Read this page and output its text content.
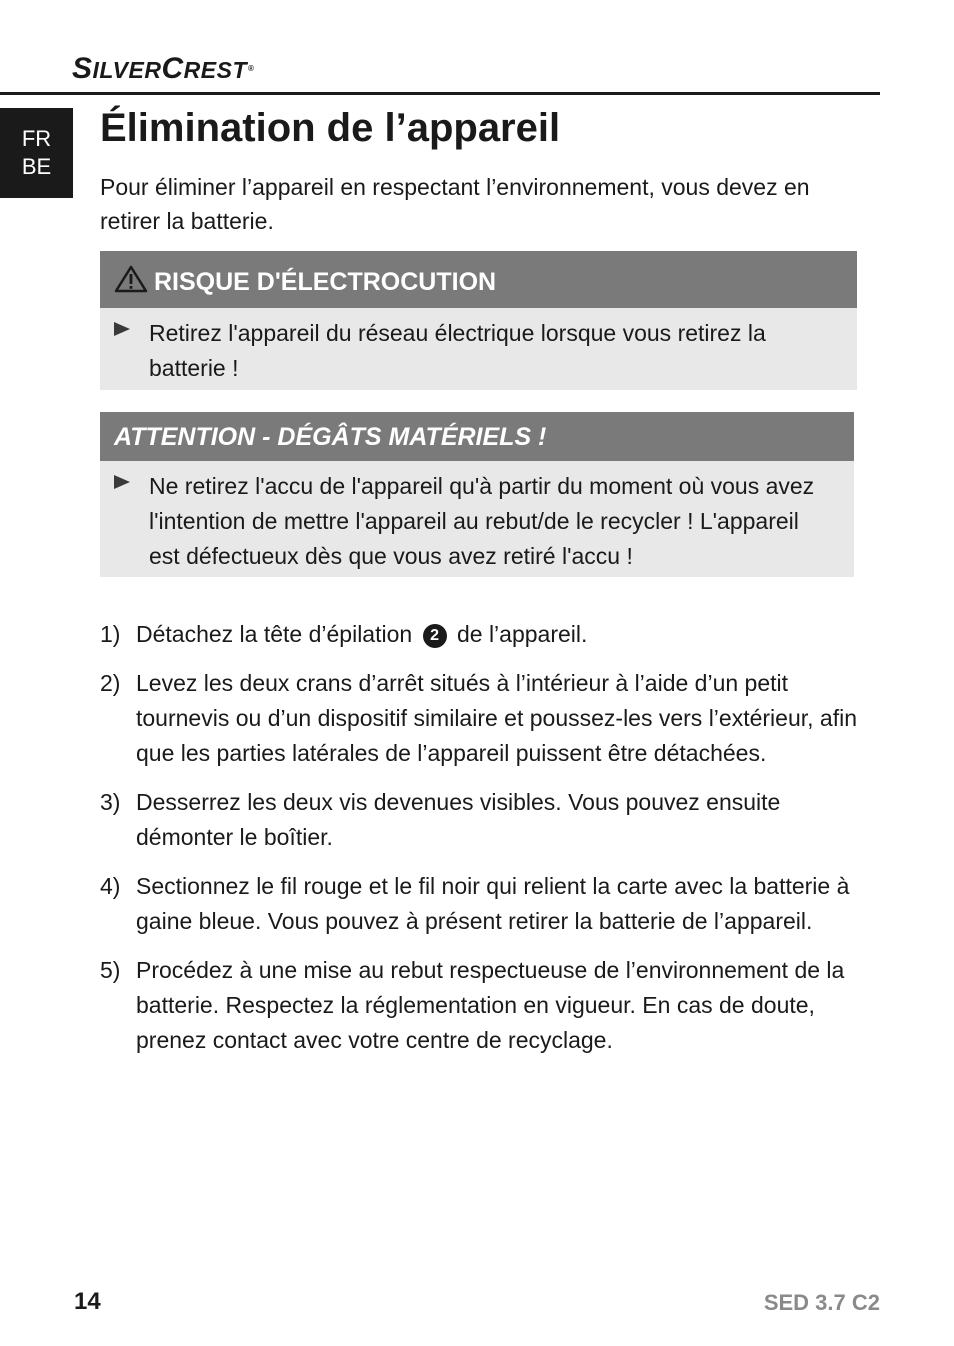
SILVERCREST®
FR
BE
Élimination de l’appareil

Pour éliminer l’appareil en respectant l’environnement, vous devez en retirer la batterie.

RISQUE D'ÉLECTROCUTION
Retirez l'appareil du réseau électrique lorsque vous retirez la batterie !
ATTENTION - DÉGÂTS MATÉRIELS !
Ne retirez l'accu de l'appareil qu'à partir du moment où vous avez l'intention de mettre l'appareil au rebut/de le recycler ! L'appareil est défectueux dès que vous avez retiré l'accu !
1) Détachez la tête d’épilation 2 de l’appareil.
2) Levez les deux crans d’arrêt situés à l’intérieur à l’aide d’un petit tournevis ou d’un dispositif similaire et poussez-les vers l’extérieur, afin que les parties latérales de l’appareil puissent être détachées.
3) Desserrez les deux vis devenues visibles. Vous pouvez ensuite démonter le boîtier.
4) Sectionnez le fil rouge et le fil noir qui relient la carte avec la batterie à gaine bleue. Vous pouvez à présent retirer la batterie de l’appareil.
5) Procédez à une mise au rebut respectueuse de l’environnement de la batterie. Respectez la réglementation en vigueur. En cas de doute, prenez contact avec votre centre de recyclage.
14	SED 3.7 C2
